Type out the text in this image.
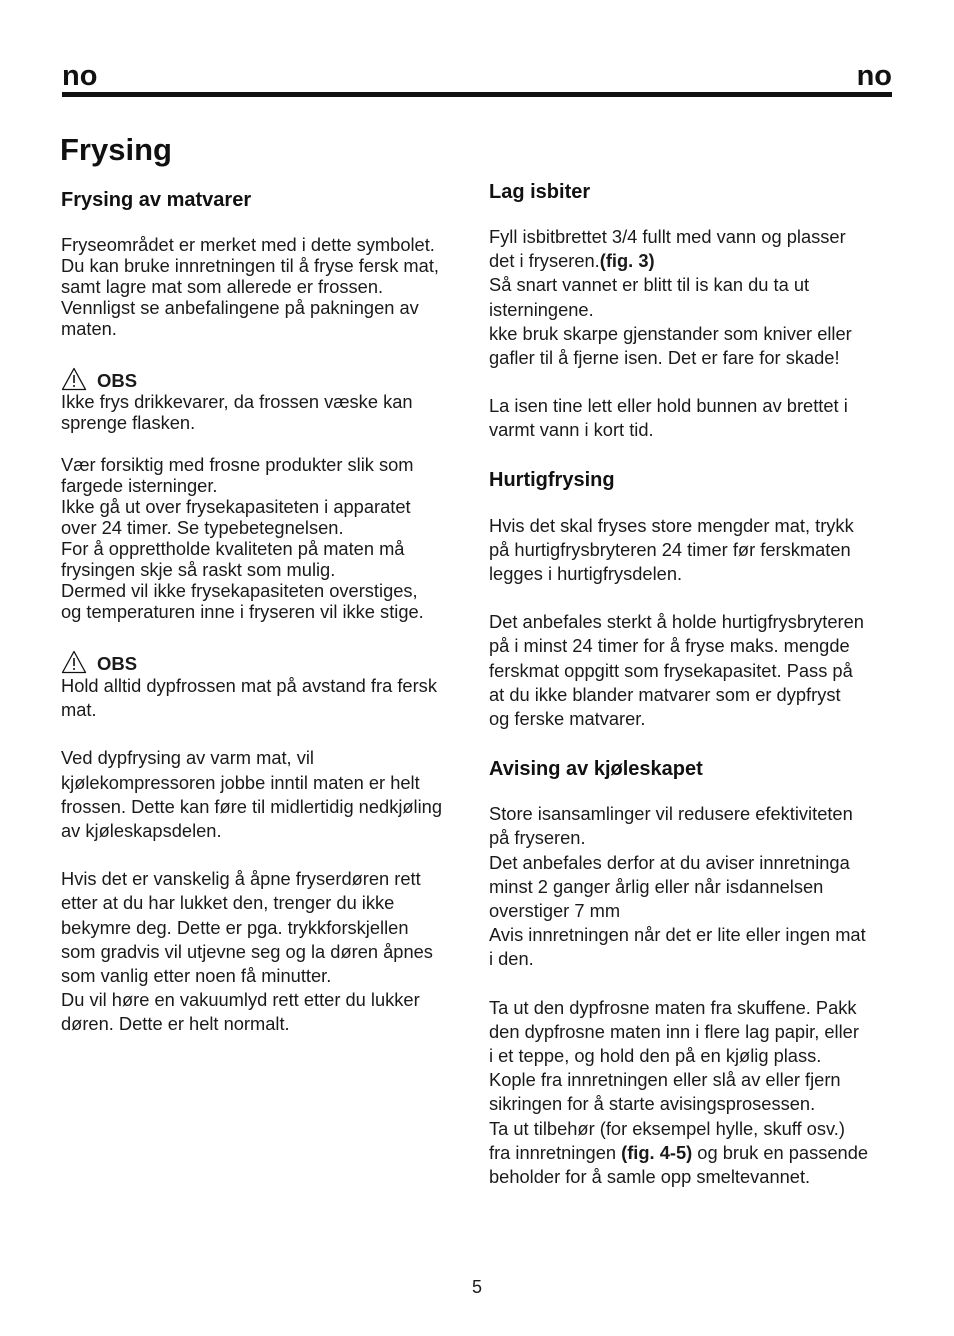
no	no
Frysing
Frysing av matvarer

Fryseområdet er merket med i dette symbolet.
Du kan bruke innretningen til å fryse fersk mat,
samt lagre mat som allerede er frossen.
Vennligst se anbefalingene på pakningen av
maten.

OBS

Ikke frys drikkevarer, da frossen væske kan
sprenge flasken.

Vær forsiktig med frosne produkter slik som
fargede isterninger.
Ikke gå ut over frysekapasiteten i apparatet
over 24 timer. Se typebetegnelsen.
For å opprettholde kvaliteten på maten må
frysingen skje så raskt som mulig.
Dermed vil ikke frysekapasiteten overstiges,
og temperaturen inne i fryseren vil ikke stige.

OBS

Hold alltid dypfrossen mat på avstand fra fersk
mat.

Ved dypfrysing av varm mat, vil
kjølekompressoren jobbe inntil maten er helt
frossen. Dette kan føre til midlertidig nedkjøling
av kjøleskapsdelen.

Hvis det er vanskelig å åpne fryserdøren rett
etter at du har lukket den, trenger du ikke
bekymre deg. Dette er pga. trykkforskjellen
som gradvis vil utjevne seg og la døren åpnes
som vanlig etter noen få minutter.
Du vil høre en vakuumlyd rett etter du lukker
døren. Dette er helt normalt.

Lag isbiter

Fyll isbitbrettet 3/4 fullt med vann og plasser
det i fryseren.(fig. 3)
Så snart vannet er blitt til is kan du ta ut
isterningene.
kke bruk skarpe gjenstander som kniver eller
gafler til å fjerne isen. Det er fare for skade!

La isen tine lett eller hold bunnen av brettet i
varmt vann i kort tid.

Hurtigfrysing

Hvis det skal fryses store mengder mat, trykk
på hurtigfrysbryteren 24 timer før ferskmaten
legges i hurtigfrysdelen.

Det anbefales sterkt å holde hurtigfrysbryteren
på i minst 24 timer for å fryse maks. mengde
ferskmat oppgitt som frysekapasitet. Pass på
at du ikke blander matvarer som er dypfryst
og ferske matvarer.

Avising av kjøleskapet

Store isansamlinger vil redusere efektiviteten
på fryseren.
Det anbefales derfor at du aviser innretninga
minst 2 ganger årlig eller når isdannelsen
overstiger 7 mm
Avis innretningen når det er lite eller ingen mat
i den.

Ta ut den dypfrosne maten fra skuffene. Pakk
den dypfrosne maten inn i flere lag papir, eller
i et teppe, og hold den på en kjølig plass.
Kople fra innretningen eller slå av eller fjern
sikringen for å starte avisingsprosessen.
Ta ut tilbehør (for eksempel hylle, skuff osv.)
fra innretningen (fig. 4-5) og bruk en passende
beholder for å samle opp smeltevannet.

5
